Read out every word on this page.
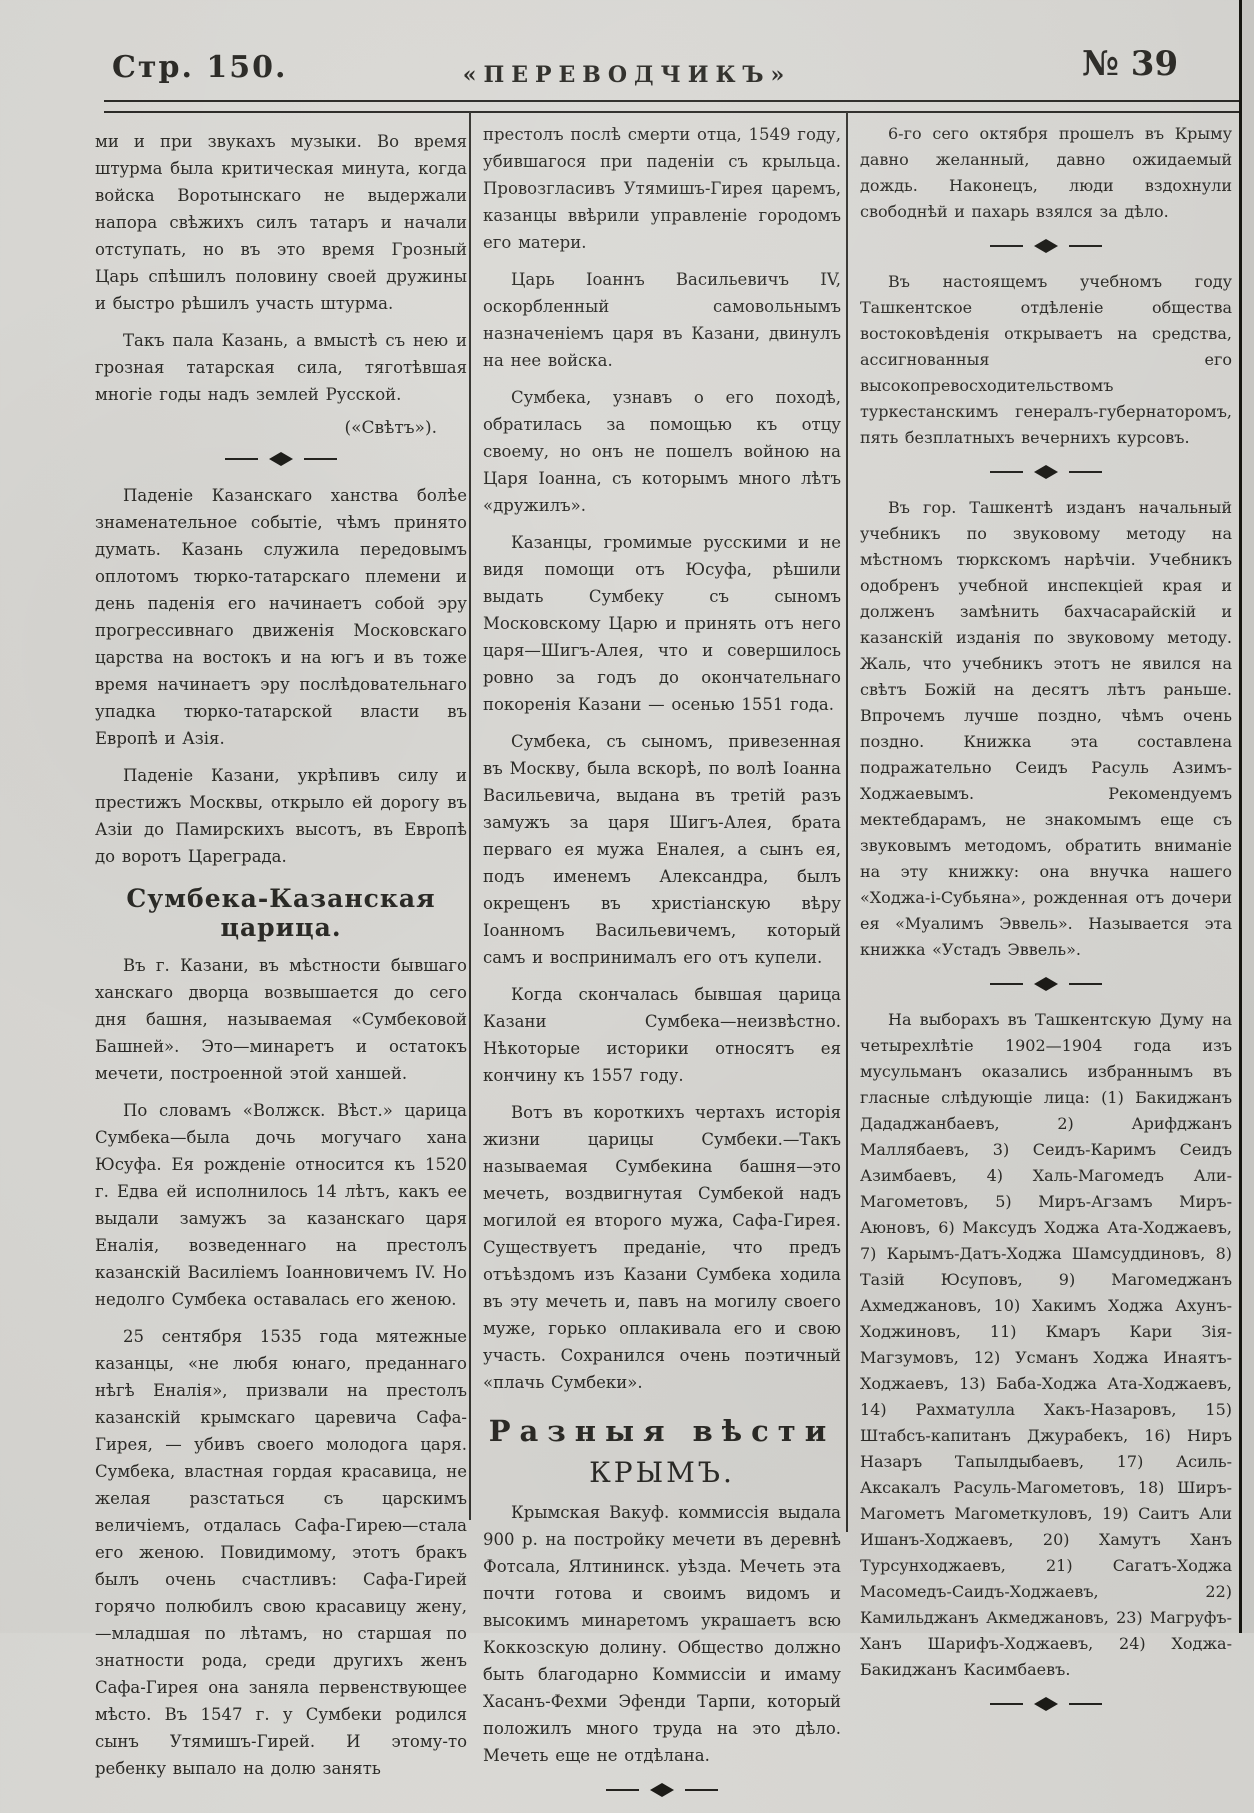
Стр. 150.	«ПЕРЕВОДЧИКЪ»	№ 39
ми и при звукахъ музыки. Во время штурма была критическая минута, когда войска Воротынскаго не выдержали напора свѣжихъ силъ татаръ и начали отступать, но въ это время Грозный Царь спѣшилъ половину своей дружины и быстро рѣшилъ участь штурма.
Такъ пала Казань, а вмыстѣ съ нею и грозная татарская сила, тяготѣвшая многіе годы надъ землей Русской.
(«Свѣтъ»).
Паденіе Казанскаго ханства болѣе знаменательное событіе, чѣмъ принято думать. Казань служила передовымъ оплотомъ тюрко-татарскаго племени и день паденія его начинаетъ собой эру прогрессивнаго движенія Московскаго царства на востокъ и на югъ и въ тоже время начинаетъ эру послѣдовательнаго упадка тюрко-татарской власти въ Европѣ и Азія.
Паденіе Казани, укрѣпивъ силу и престижъ Москвы, открыло ей дорогу въ Азіи до Памирскихъ высотъ, въ Европѣ до воротъ Цареграда.
Сумбека-Казанская царица.
Въ г. Казани, въ мѣстности бывшаго ханскаго дворца возвышается до сего дня башня, называемая «Сумбековой Башней». Это—минаретъ и остатокъ мечети, построенной этой ханшей.
По словамъ «Волжск. Вѣст.» царица Сумбека—была дочь могучаго хана Юсуфа. Ея рожденіе относится къ 1520 г. Едва ей исполнилось 14 лѣтъ, какъ ее выдали замужъ за казанскаго царя Еналія, возведеннаго на престолъ казанскій Василіемъ Іоанновичемъ IV. Но недолго Сумбека оставалась его женою.
25 сентября 1535 года мятежные казанцы, «не любя юнаго, преданнаго нѣгѣ Еналія», призвали на престолъ казанскій крымскаго царевича Сафа-Гирея, — убивъ своего молодога царя. Сумбека, властная гордая красавица, не желая разстаться съ царскимъ величіемъ, отдалась Сафа-Гирею—стала его женою. Повидимому, этотъ бракъ былъ очень счастливъ: Сафа-Гирей горячо полюбилъ свою красавицу жену,—младшая по лѣтамъ, но старшая по знатности рода, среди другихъ женъ Сафа-Гирея она заняла первенствующее мѣсто. Въ 1547 г. у Сумбеки родился сынъ Утямишъ-Гирей. И этому-то ребенку выпало на долю занять
престолъ послѣ смерти отца, 1549 году, убившагося при паденіи съ крыльца. Провозгласивъ Утямишъ-Гирея царемъ, казанцы ввѣрили управленіе городомъ его матери.
Царь Іоаннъ Васильевичъ IV, оскорбленный самовольнымъ назначеніемъ царя въ Казани, двинулъ на нее войска.
Сумбека, узнавъ о его походѣ, обратилась за помощью къ отцу своему, но онъ не пошелъ войною на Царя Іоанна, съ которымъ много лѣтъ «дружилъ».
Казанцы, громимые русскими и не видя помощи отъ Юсуфа, рѣшили выдать Сумбеку съ сыномъ Московскому Царю и принять отъ него царя—Шигъ-Алея, что и совершилось ровно за годъ до окончательнаго покоренія Казани — осенью 1551 года.
Сумбека, съ сыномъ, привезенная въ Москву, была вскорѣ, по волѣ Іоанна Васильевича, выдана въ третій разъ замужъ за царя Шигъ-Алея, брата перваго ея мужа Еналея, а сынъ ея, подъ именемъ Александра, былъ окрещенъ въ христіанскую вѣру Іоанномъ Васильевичемъ, который самъ и воспринималъ его отъ купели.
Когда скончалась бывшая царица Казани Сумбека—неизвѣстно. Нѣкоторые историки относятъ ея кончину къ 1557 году.
Вотъ въ короткихъ чертахъ исторія жизни царицы Сумбеки.—Такъ называемая Сумбекина башня—это мечеть, воздвигнутая Сумбекой надъ могилой ея второго мужа, Сафа-Гирея. Существуетъ преданіе, что предъ отъѣздомъ изъ Казани Сумбека ходила въ эту мечеть и, павъ на могилу своего муже, горько оплакивала его и свою участь. Сохранился очень поэтичный «плачь Сумбеки».
Разныя вѣсти
КРЫМЪ.
Крымская Вакуф. коммиссія выдала 900 р. на постройку мечети въ деревнѣ Фотсала, Ялтининск. уѣзда. Мечеть эта почти готова и своимъ видомъ и высокимъ минаретомъ украшаетъ всю Коккозскую долину. Общество должно быть благодарно Коммиссіи и имаму Хасанъ-Фехми Эфенди Тарпи, который положилъ много труда на это дѣло. Мечеть еще не отдѣлана.
6-го сего октября прошелъ въ Крыму давно желанный, давно ожидаемый дождь. Наконецъ, люди вздохнули свободнѣй и пахарь взялся за дѣло.
Въ настоящемъ учебномъ году Ташкентское отдѣленіе общества востоковѣденія открываетъ на средства, ассигнованныя его высокопревосходительствомъ туркестанскимъ генералъ-губернаторомъ, пять безплатныхъ вечернихъ курсовъ.
Въ гор. Ташкентѣ изданъ начальный учебникъ по звуковому методу на мѣстномъ тюркскомъ нарѣчіи. Учебникъ одобренъ учебной инспекціей края и долженъ замѣнить бахчасарайскій и казанскій изданія по звуковому методу. Жаль, что учебникъ этотъ не явился на свѣтъ Божій на десятъ лѣтъ раньше. Впрочемъ лучше поздно, чѣмъ очень поздно. Книжка эта составлена подражательно Сеидъ Расуль Азимъ-Ходжаевымъ. Рекомендуемъ мектебдарамъ, не знакомымъ еще съ звуковымъ методомъ, обратить вниманіе на эту книжку: она внучка нашего «Ходжа-і-Субьяна», рожденная отъ дочери ея «Муалимъ Эввель». Называется эта книжка «Устадъ Эввель».
На выборахъ въ Ташкентскую Думу на четырехлѣтіе 1902—1904 года изъ мусульманъ оказались избраннымъ въ гласные слѣдующіе лица: (1) Бакиджанъ Дададжанбаевъ, 2) Арифджанъ Маллябаевъ, 3) Сеидъ-Каримъ Сеидъ Азимбаевъ, 4) Халь-Магомедъ Али-Магометовъ, 5) Миръ-Агзамъ Миръ-Аюновъ, 6) Максудъ Ходжа Ата-Ходжаевъ, 7) Карымъ-Датъ-Ходжа Шамсуддиновъ, 8) Тазій Юсуповъ, 9) Магомеджанъ Ахмеджановъ, 10) Хакимъ Ходжа Ахунъ-Ходжиновъ, 11) Кмаръ Кари Зія-Магзумовъ, 12) Усманъ Ходжа Инаятъ-Ходжаевъ, 13) Баба-Ходжа Ата-Ходжаевъ, 14) Рахматулла Хакъ-Назаровъ, 15) Штабсъ-капитанъ Джурабекъ, 16) Ниръ Назаръ Тапылдыбаевъ, 17) Асиль-Аксакалъ Расуль-Магометовъ, 18) Ширъ-Магометъ Магометкуловъ, 19) Саитъ Али Ишанъ-Ходжаевъ, 20) Хамутъ Ханъ Турсунходжаевъ, 21) Сагатъ-Ходжа Масомедъ-Саидъ-Ходжаевъ, 22) Камильджанъ Акмеджановъ, 23) Магруфъ-Ханъ Шарифъ-Ходжаевъ, 24) Ходжа-Бакиджанъ Касимбаевъ.
